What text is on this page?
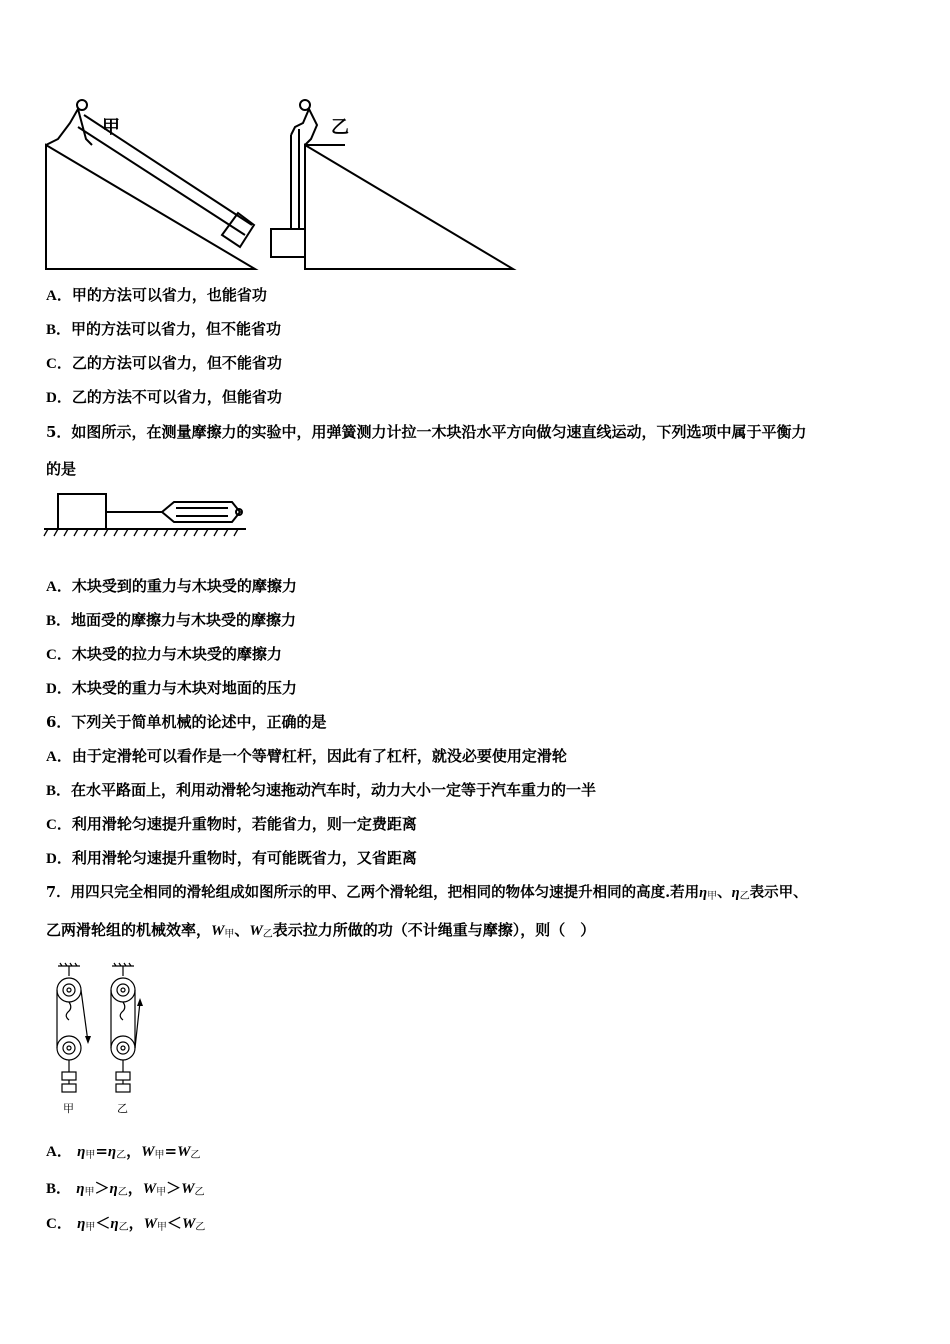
甲	乙
A．甲的方法可以省力，也能省功
B．甲的方法可以省力，但不能省功
C．乙的方法可以省力，但不能省功
D．乙的方法不可以省力，但能省功
5．如图所示，在测量摩擦力的实验中，用弹簧测力计拉一木块沿水平方向做匀速直线运动，下列选项中属于平衡力
的是
A．木块受到的重力与木块受的摩擦力
B．地面受的摩擦力与木块受的摩擦力
C．木块受的拉力与木块受的摩擦力
D．木块受的重力与木块对地面的压力
6．下列关于简单机械的论述中，正确的是
A．由于定滑轮可以看作是一个等臂杠杆，因此有了杠杆，就没必要使用定滑轮
B．在水平路面上，利用动滑轮匀速拖动汽车时，动力大小一定等于汽车重力的一半
C．利用滑轮匀速提升重物时，若能省力，则一定费距离
D．利用滑轮匀速提升重物时，有可能既省力，又省距离
7．用四只完全相同的滑轮组成如图所示的甲、乙两个滑轮组，把相同的物体匀速提升相同的高度.若用$\eta_甲$、$\eta_乙$表示甲、
乙两滑轮组的机械效率，$W_甲$、$W_乙$表示拉力所做的功（不计绳重与摩擦），则（　）
甲	乙
A． $\eta_甲=\eta_乙$，$W_甲=W_乙$
B． $\eta_甲>\eta_乙$，$W_甲>W_乙$
C． $\eta_甲<\eta_乙$，$W_甲<W_乙$
